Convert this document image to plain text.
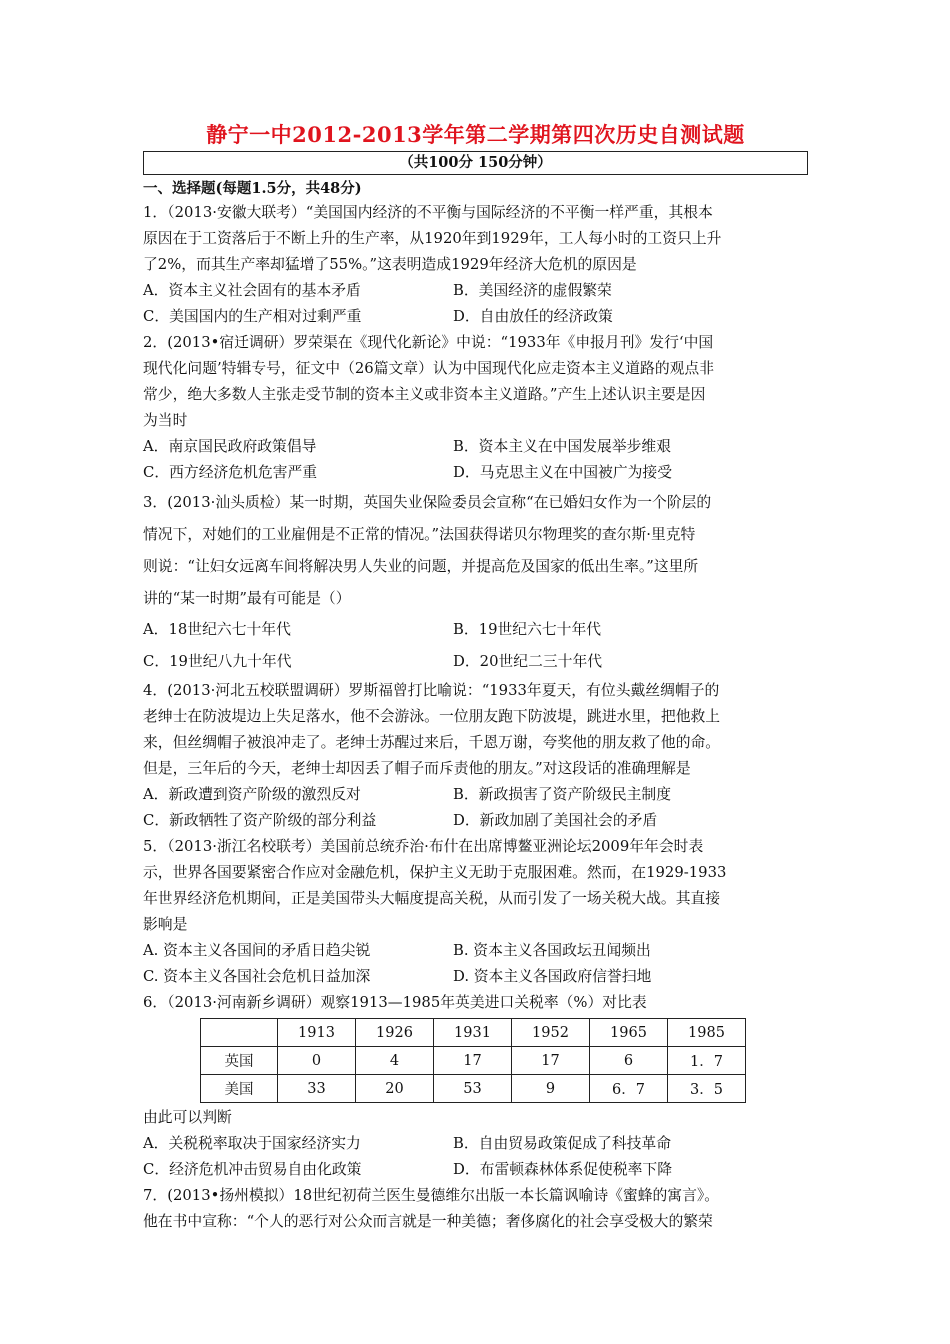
静宁一中2012-2013学年第二学期第四次历史自测试题
（共100分 150分钟）
一、选择题(每题1.5分，共48分)
1．（2013·安徽大联考）“美国国内经济的不平衡与国际经济的不平衡一样严重，其根本
原因在于工资落后于不断上升的生产率，从1920年到1929年，工人每小时的工资只上升
了2%，而其生产率却猛增了55%。”这表明造成1929年经济大危机的原因是
A．资本主义社会固有的基本矛盾	B．美国经济的虚假繁荣
C．美国国内的生产相对过剩严重	D．自由放任的经济政策
2．(2013•宿迁调研）罗荣渠在《现代化新论》中说：“1933年《申报月刊》发行‘中国
现代化问题’特辑专号，征文中（26篇文章）认为中国现代化应走资本主义道路的观点非
常少，绝大多数人主张走受节制的资本主义或非资本主义道路。”产生上述认识主要是因
为当时
A．南京国民政府政策倡导	B．资本主义在中国发展举步维艰
C．西方经济危机危害严重	D．马克思主义在中国被广为接受
3．(2013·汕头质检）某一时期，英国失业保险委员会宣称“在已婚妇女作为一个阶层的
情况下，对她们的工业雇佣是不正常的情况。”法国获得诺贝尔物理奖的查尔斯·里克特
则说：“让妇女远离车间将解决男人失业的问题，并提高危及国家的低出生率。”这里所
讲的“某一时期”最有可能是（）
A．18世纪六七十年代	B．19世纪六七十年代
C．19世纪八九十年代	D．20世纪二三十年代
4．(2013·河北五校联盟调研）罗斯福曾打比喻说：“1933年夏天，有位头戴丝绸帽子的
老绅士在防波堤边上失足落水，他不会游泳。一位朋友跑下防波堤，跳进水里，把他救上
来，但丝绸帽子被浪冲走了。老绅士苏醒过来后，千恩万谢，夸奖他的朋友救了他的命。
但是，三年后的今天，老绅士却因丢了帽子而斥责他的朋友。”对这段话的准确理解是
A．新政遭到资产阶级的激烈反对	B．新政损害了资产阶级民主制度
C．新政牺牲了资产阶级的部分利益	D．新政加剧了美国社会的矛盾
5．（2013·浙江名校联考）美国前总统乔治·布什在出席博鳌亚洲论坛2009年年会时表
示，世界各国要紧密合作应对金融危机，保护主义无助于克服困难。然而，在1929-1933
年世界经济危机期间，正是美国带头大幅度提高关税，从而引发了一场关税大战。其直接
影响是
A. 资本主义各国间的矛盾日趋尖锐	B. 资本主义各国政坛丑闻频出
C. 资本主义各国社会危机日益加深	D. 资本主义各国政府信誉扫地
6．（2013·河南新乡调研）观察1913—1985年英美进口关税率（%）对比表
	1913	1926	1931	1952	1965	1985
英国	0	4	17	17	6	1．7
美国	33	20	53	9	6．7	3．5
由此可以判断
A．关税税率取决于国家经济实力	B．自由贸易政策促成了科技革命
C．经济危机冲击贸易自由化政策	D．布雷顿森林体系促使税率下降
7．(2013•扬州模拟）18世纪初荷兰医生曼德维尔出版一本长篇讽喻诗《蜜蜂的寓言》。
他在书中宣称：“个人的恶行对公众而言就是一种美德；奢侈腐化的社会享受极大的繁荣
